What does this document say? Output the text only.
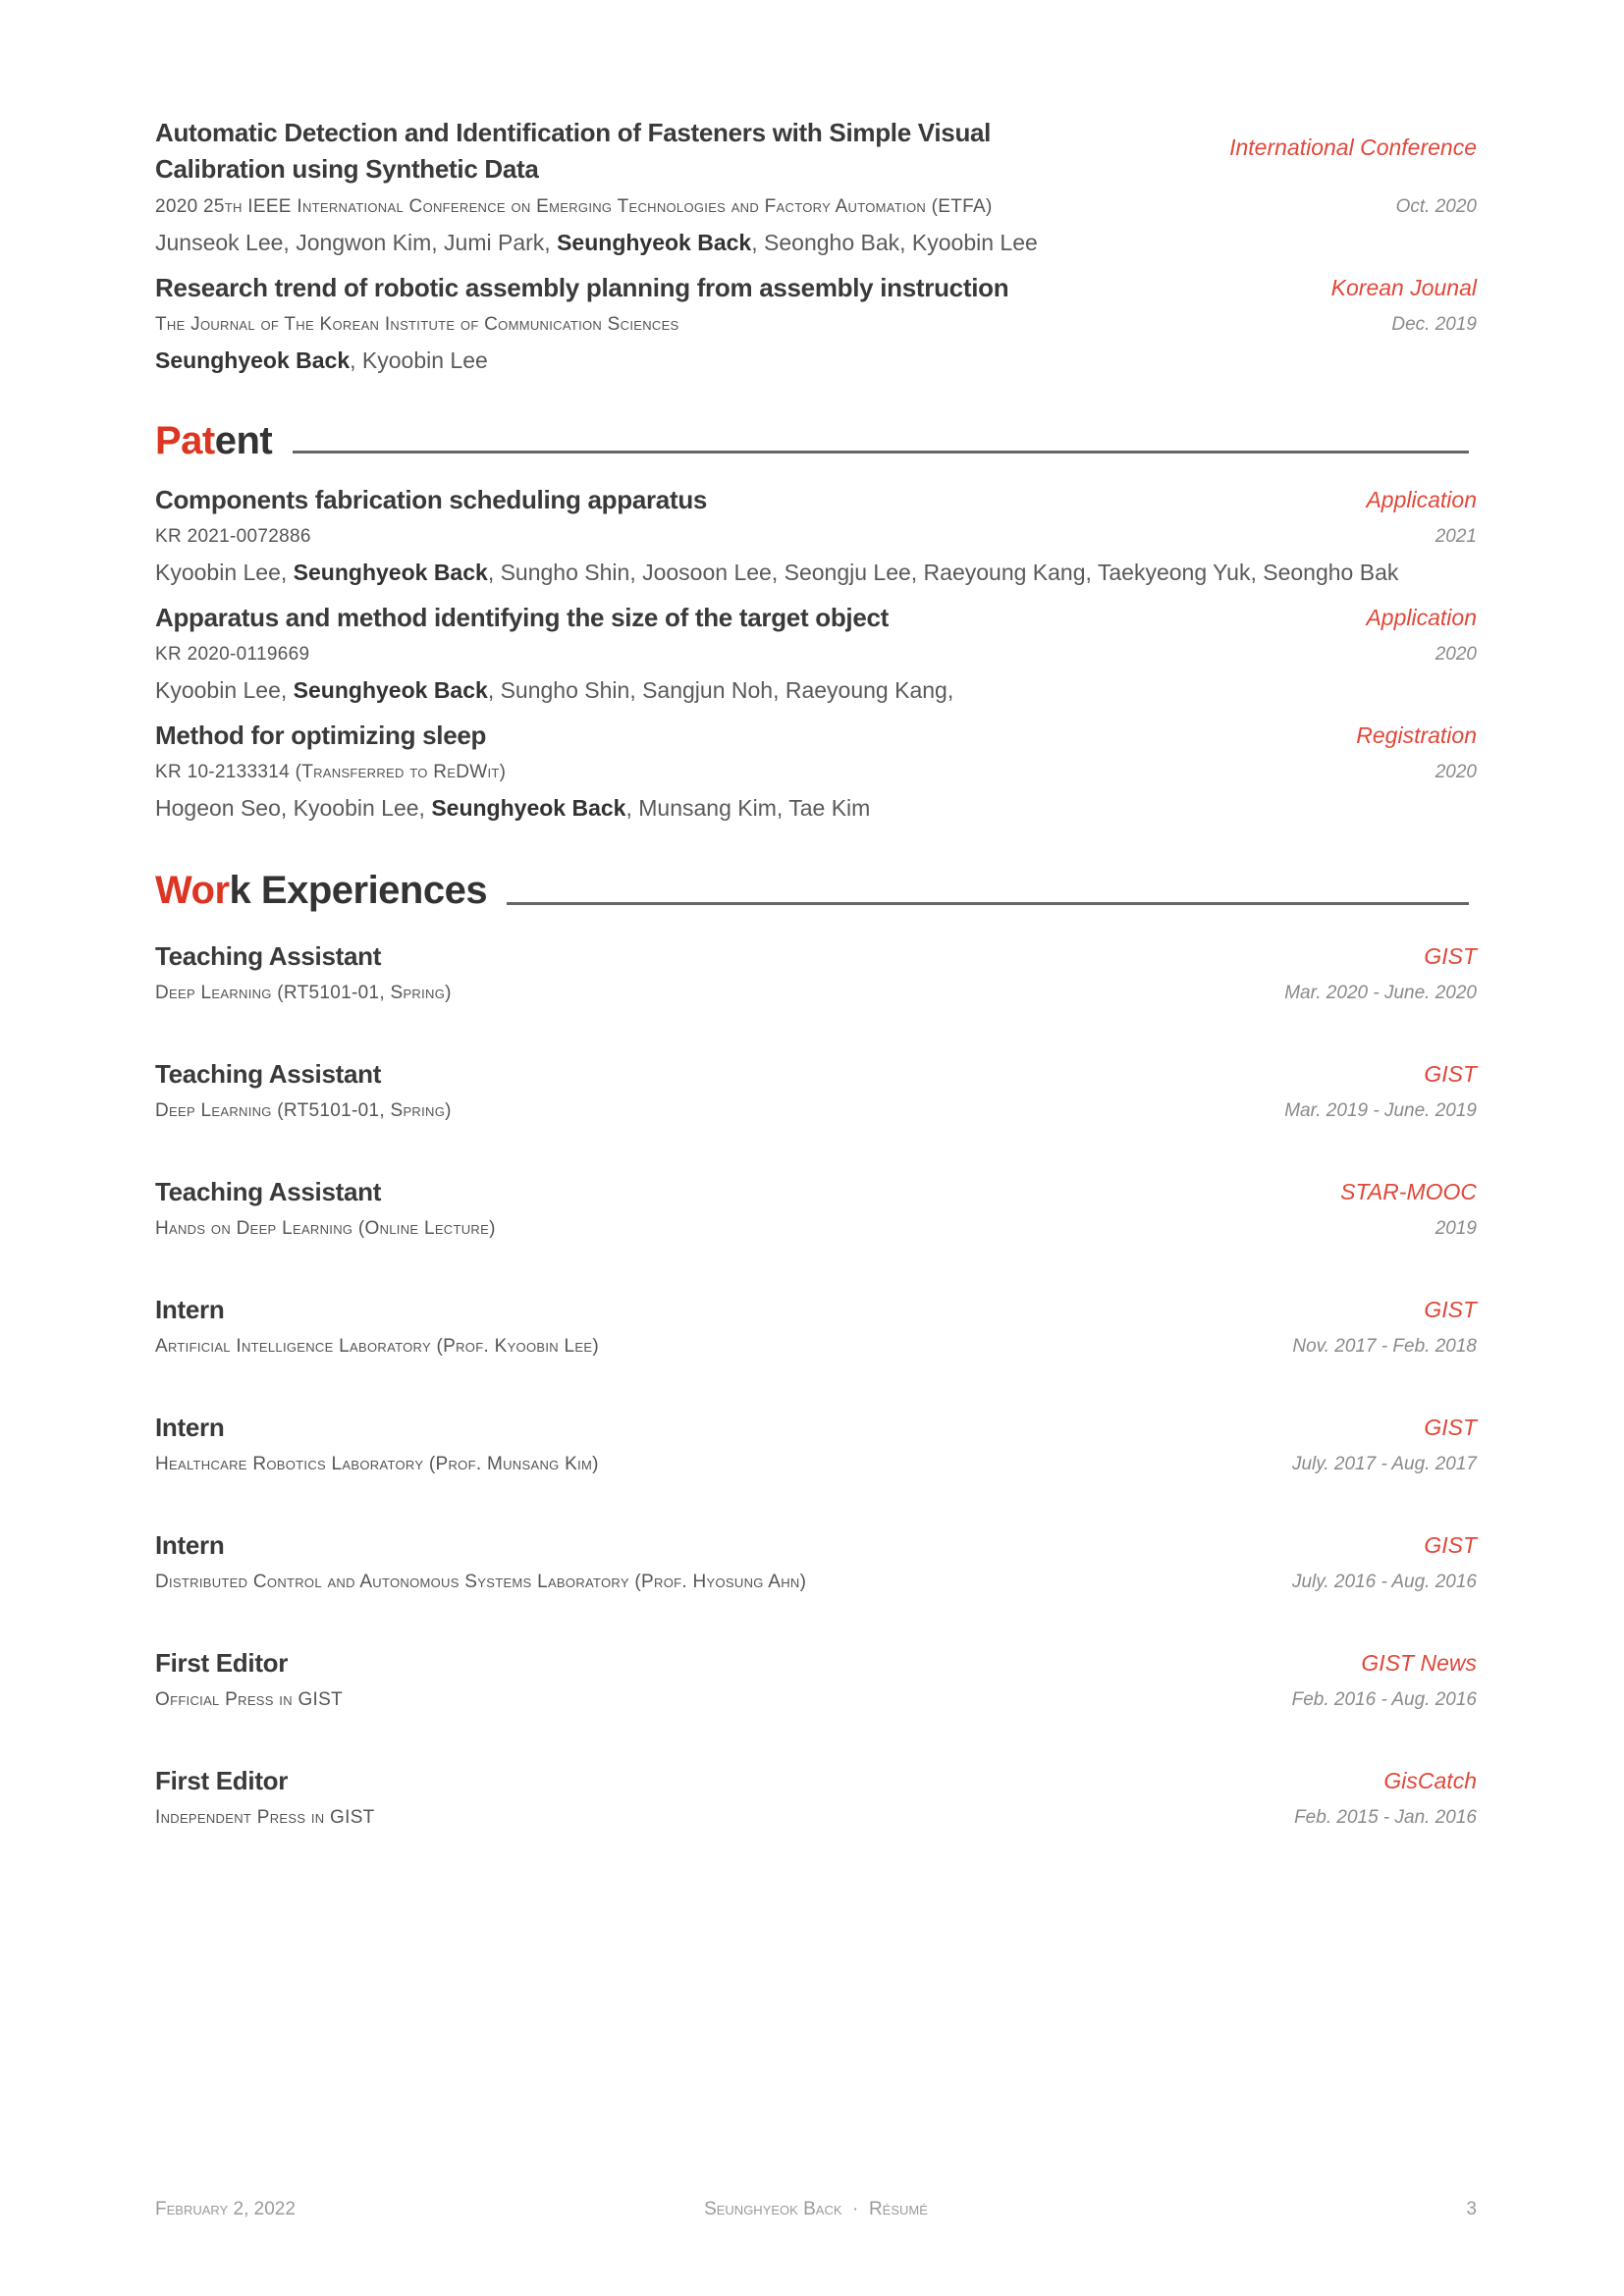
Automatic Detection and Identification of Fasteners with Simple Visual
Calibration using Synthetic Data
International Conference
2020 25th IEEE International Conference on Emerging Technologies and Factory Automation (ETFA)	Oct. 2020
Junseok Lee, Jongwon Kim, Jumi Park, Seunghyeok Back, Seongho Bak, Kyoobin Lee
Research trend of robotic assembly planning from assembly instruction	Korean Jounal
The Journal of The Korean Institute of Communication Sciences	Dec. 2019
Seunghyeok Back, Kyoobin Lee
Patent
Components fabrication scheduling apparatus	Application
KR 2021-0072886	2021
Kyoobin Lee, Seunghyeok Back, Sungho Shin, Joosoon Lee, Seongju Lee, Raeyoung Kang, Taekyeong Yuk, Seongho Bak
Apparatus and method identifying the size of the target object	Application
KR 2020-0119669	2020
Kyoobin Lee, Seunghyeok Back, Sungho Shin, Sangjun Noh, Raeyoung Kang,
Method for optimizing sleep	Registration
KR 10-2133314 (Transferred to ReDWit)	2020
Hogeon Seo, Kyoobin Lee, Seunghyeok Back, Munsang Kim, Tae Kim
Work Experiences
Teaching Assistant	GIST
Deep Learning (RT5101-01, Spring)	Mar. 2020 - June. 2020
Teaching Assistant	GIST
Deep Learning (RT5101-01, Spring)	Mar. 2019 - June. 2019
Teaching Assistant	STAR-MOOC
Hands on Deep Learning (Online Lecture)	2019
Intern	GIST
Artificial Intelligence Laboratory (Prof. Kyoobin Lee)	Nov. 2017 - Feb. 2018
Intern	GIST
Healthcare Robotics Laboratory (Prof. Munsang Kim)	July. 2017 - Aug. 2017
Intern	GIST
Distributed Control and Autonomous Systems Laboratory (Prof. Hyosung Ahn)	July. 2016 - Aug. 2016
First Editor	GIST News
Official Press in GIST	Feb. 2016 - Aug. 2016
First Editor	GisCatch
Independent Press in GIST	Feb. 2015 - Jan. 2016
February 2, 2022	Seunghyeok Back  ·  Résumé	3
